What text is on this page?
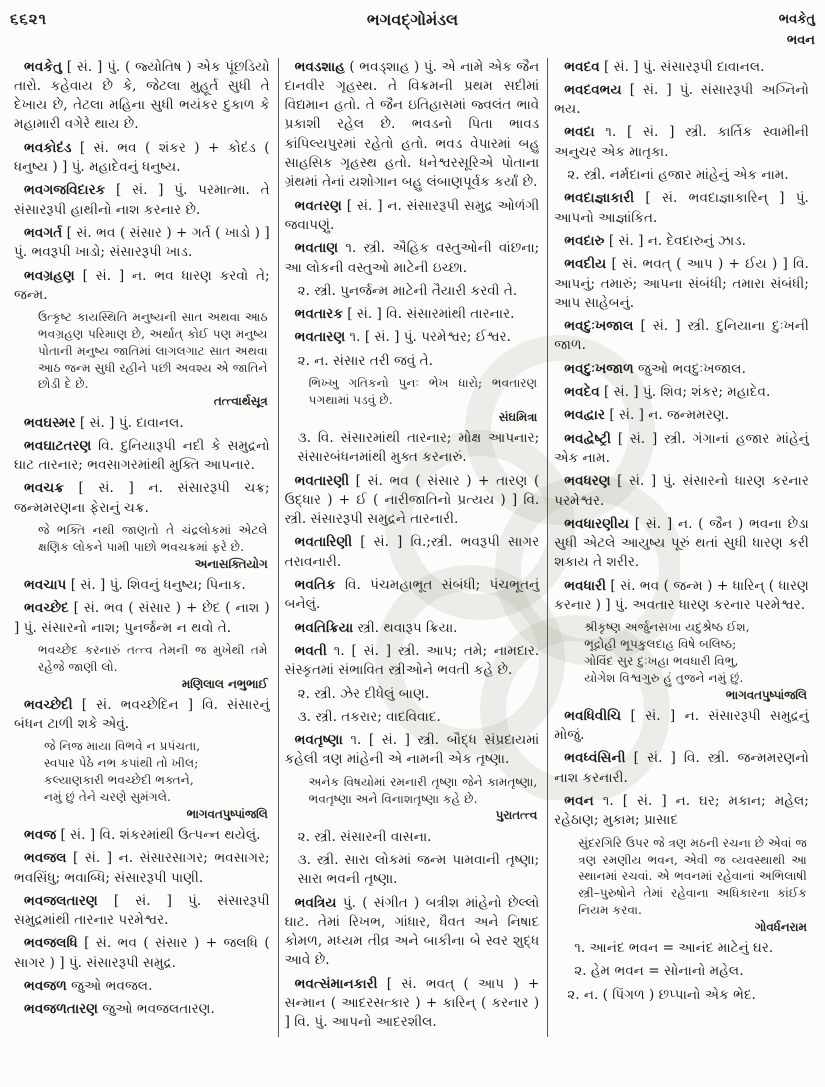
૬૬૨૧	ભગવદ્ગોમંડલ	ભવકેતુ
ભવન

ભવકેતુ [ સં. ] પું. ( જ્યોતિષ ) એક પૂંછડિયો તારો. કહેવાય છે કે, જેટલા મુહૂર્ત સુધી તે દેખાય છે, તેટલા મહિના સુધી ભયંકર દુકાળ કે મહામારી વગેરે થાય છે.

ભવકોદંડ [ સં. ભવ ( શંકર ) + કોદંડ ( ધનુષ્ય ) ] પું. મહાદેવનું ધનુષ્ય.

ભવગજવિદારક [ સં. ] પું. પરમાત્મા. તે સંસારરૂપી હાથીનો નાશ કરનાર છે.

ભવગર્ત [ સં. ભવ ( સંસાર ) + ગર્ત ( ખાડો ) ] પું. ભવરૂપી ખાડો; સંસારરૂપી ખાડ.

ભવગ્રહણ [ સં. ] ન. ભવ ધારણ કરવો તે; જન્મ.

ઉત્કૃષ્ટ કાયસ્થિતિ મનુષ્યની સાત અથવા આઠ ભવગ્રહણ પરિમાણ છે, અર્થાત્ કોઈ પણ મનુષ્ય પોતાની મનુષ્ય જાતિમાં લાગલગાટ સાત અથવા આઠ જન્મ સુધી રહીને પછી અવશ્ય એ જાતિને છોડી દે છે.
તત્ત્વાર્થસૂત્ર

ભવઘસ્મર [ સં. ] પું. દાવાનલ.

ભવઘાટતરણ વિ. દુનિયારૂપી નદી કે સમુદ્રનો ઘાટ તારનાર; ભવસાગરમાંથી મુક્તિ આપનાર.

ભવચક્ર [ સં. ] ન. સંસારરૂપી ચક્ર; જન્મમરણના ફેરાનું ચક્ર.

જે ભક્તિ નથી જાણતો તે ચંદ્રલોકમાં એટલે ક્ષણિક લોકને પામી પાછો ભવચક્રમાં ફરે છે.
અનાસક્તિયોગ

ભવચાપ [ સં. ] પું. શિવનું ધનુષ્ય; પિનાક.

ભવચ્છેદ [ સં. ભવ ( સંસાર ) + છેદ ( નાશ ) ] પું. સંસારનો નાશ; પુનર્જન્મ ન થવો તે.

ભવચ્છેદ કરનારું તત્ત્વ તેમની જ મુખેથી તમે રહેજે જાણી લો.
મણિલાલ નભુભાઈ

ભવચ્છેદી [ સં. ભવચ્છેદિન ] વિ. સંસારનું બંધન ટાળી શકે એવું.

જે નિજ માયા વિભવે ન પ્રપંચતા,
સ્વપાર પેઠે નભ કપાંથી તો ખીલ;
કલ્યાણકારી ભવચ્છેદી ભક્તને,
નમું છું તેને ચરણે સુમંગલે.
ભાગવતપુષ્પાંજલિ

ભવજ [ સં. ] વિ. શંકરમાંથી ઉત્પન્ન થયેલું.

ભવજલ [ સં. ] ન. સંસારસાગર; ભવસાગર; ભવસિંધુ; ભવાબ્ધિ; સંસારરૂપી પાણી.

ભવજલતારણ [ સં. ] પું. સંસારરૂપી સમુદ્રમાંથી તારનાર પરમેશ્વર.

ભવજલધિ [ સં. ભવ ( સંસાર ) + જલધિ ( સાગર ) ] પું. સંસારરૂપી સમુદ્ર.

ભવજળ જુઓ ભવજલ.

ભવજળતારણ જુઓ ભવજલતારણ.

ભવડશાહ ( ભવડ્શાહ ) પું. એ નામે એક જૈન દાનવીર ગૃહસ્થ. તે વિક્રમની પ્રથમ સદીમાં વિદ્યમાન હતો. તે જૈન ઇતિહાસમાં જ્વલંત ભાવે પ્રકાશી રહેલ છે. ભવડનો પિતા ભાવડ કાંપિલ્યપુરમાં રહેતો હતો. ભવડ વેપારમાં બહુ સાહસિક ગૃહસ્થ હતો. ધનેશ્વરસૂરિએ પોતાના ગ્રંથમાં તેનાં યશોગાન બહુ લંબાણપૂર્વક કર્યાં છે.

ભવતરણ [ સં. ] ન. સંસારરૂપી સમુદ્ર ઓળંગી જવાપણું.

ભવતાણ ૧. સ્ત્રી. ઐહિક વસ્તુઓની વાંછના; આ લોકની વસ્તુઓ માટેની ઇચ્છા.

૨. સ્ત્રી. પુનર્જન્મ માટેની તૈયારી કરવી તે.

ભવતારક [ સં. ] વિ. સંસારમાંથી તારનાર.

ભવતારણ ૧. [ સં. ] પું. પરમેશ્વર; ઈશ્વર.

૨. ન. સંસાર તરી જવું તે.

ભિખ્ખુ ગતિકનો પુનઃ ભેખ ધારો; ભવતારણ પગથામાં પડવું છે.
સંઘમિત્રા

૩. વિ. સંસારમાંથી તારનાર; મોક્ષ આપનાર; સંસારબંધનમાંથી મુક્ત કરનારું.

ભવતારણી [ સં. ભવ ( સંસાર ) + તારણ ( ઉદ્ધાર ) + ઈ ( નારીજાતિનો પ્રત્યય ) ] વિ. સ્ત્રી. સંસારરૂપી સમુદ્રને તારનારી.

ભવતારિણી [ સં. ] વિ.;સ્ત્રી. ભવરૂપી સાગર તરાવનારી.

ભવતિક વિ. પંચમહાભૂત સંબંધી; પંચભૂતનું બનેલું.

ભવતિક્રિયા સ્ત્રી. થવારૂપ ક્રિયા.

ભવતી ૧. [ સં. ] સ્ત્રી. આપ; તમે; નામદાર. સંસ્કૃતમાં સંભાવિત સ્ત્રીઓને ભવતી કહે છે.

૨. સ્ત્રી. ઝેર દીધેલું બાણ.

૩. સ્ત્રી. તકરાર; વાદવિવાદ.

ભવતૃષ્ણા ૧. [ સં. ] સ્ત્રી. બૌદ્ધ સંપ્રદાયમાં કહેલી ત્રણ માંહેની એ નામની એક તૃષ્ણા.

અનેક વિષયોમાં રમનારી તૃષ્ણા જેને કામતૃષ્ણા, ભવતૃષ્ણા અને વિનાશતૃષ્ણા કહે છે.
પુરાતત્ત્વ

૨. સ્ત્રી. સંસારની વાસના.

૩. સ્ત્રી. સારા લોકમાં જન્મ પામવાની તૃષ્ણા; સારા ભવની તૃષ્ણા.

ભવત્રિય પું. ( સંગીત ) બત્રીશ માંહેનો છેલ્લો ઘાટ. તેમાં રિખભ, ગાંધાર, ધૈવત અને નિષાદ કોમળ, મધ્યમ તીવ્ર અને બાકીના બે સ્વર શુદ્ધ આવે છે.

ભવત્સંમાનકારી [ સં. ભવત્ ( આપ ) + સન્માન ( આદરસત્કાર ) + કારિન્ ( કરનાર ) ] વિ. પું. આપનો આદરશીલ.

ભવદવ [ સં. ] પું. સંસારરૂપી દાવાનલ.

ભવદવભય [ સં. ] પું. સંસારરૂપી અગ્નિનો ભય.

ભવદા ૧. [ સં. ] સ્ત્રી. કાર્તિક સ્વામીની અનુચર એક માતૃકા.

૨. સ્ત્રી. નર્મદાનાં હજાર માંહેનું એક નામ.

ભવદાજ્ઞાકારી [ સં. ભવદાજ્ઞાકારિન્ ] પું. આપનો આજ્ઞાંકિત.

ભવદારુ [ સં. ] ન. દેવદારુનું ઝાડ.

ભવદીય [ સં. ભવત્ ( આપ ) + ઈય ) ] વિ. આપનું; તમારું; આપના સંબંધી; તમારા સંબંધી; આપ સાહેબનું.

ભવદુઃખજાલ [ સં. ] સ્ત્રી. દુનિયાના દુઃખની જાળ.

ભવદુઃખજાળ જુઓ ભવદુઃખજાલ.

ભવદેવ [ સં. ] પું. શિવ; શંકર; મહાદેવ.

ભવદ્વાર [ સં. ] ન. જન્મમરણ.

ભવદ્વેષ્ટ્રી [ સં. ] સ્ત્રી. ગંગાનાં હજાર માંહેનું એક નામ.

ભવધરણ [ સં. ] પું. સંસારનો ધારણ કરનાર પરમેશ્વર.

ભવધારણીય [ સં. ] ન. ( જૈન ) ભવના છેડા સુધી એટલે આયુષ્ય પૂરું થતાં સુધી ધારણ કરી શકાય તે શરીર.

ભવધારી [ સં. ભવ ( જન્મ ) + ધારિન્ ( ધારણ કરનાર ) ] પું. અવતાર ધારણ કરનાર પરમેશ્વર.

શ્રીકૃષ્ણ અર્જુનસખા યદુશ્રેષ્ઠ ઈશ,
ભૂદ્રોહી ભૂપકુલદાહ વિષે બલિષ્ઠ;
ગોવિંદ સુર દુઃખહા ભવધારી વિભુ,
યોગેશ વિશ્વગુરુ હું તુજને નમું છું.
ભાગવતપુષ્પાંજલિ

ભવધિવીચિ [ સં. ] ન. સંસારરૂપી સમુદ્રનું મોજું.

ભવધ્વંસિની [ સં. ] વિ. સ્ત્રી. જન્મમરણનો નાશ કરનારી.

ભવન ૧. [ સં. ] ન. ઘર; મકાન; મહેલ; રહેઠાણ; મુકામ; પ્રાસાદ

સુંદરગિરિ ઉપર જે ત્રણ મઠની રચના છે એવાં જ ત્રણ રમણીય ભવન, એવી જ વ્યવસ્થાથી આ સ્થાનમાં રચવાં. એ ભવનમાં રહેવાનાં અભિલાષી સ્ત્રી–પુરુષોને તેમાં રહેવાના અધિકારના કાંઈક નિયમ કરવા.
ગોવર્ધનરામ

૧. આનંદ ભવન = આનંદ માટેનું ઘર.

૨. હેમ ભવન = સોનાનો મહેલ.

૨. ન. ( પિંગળ ) છપ્પાનો એક ભેદ.
